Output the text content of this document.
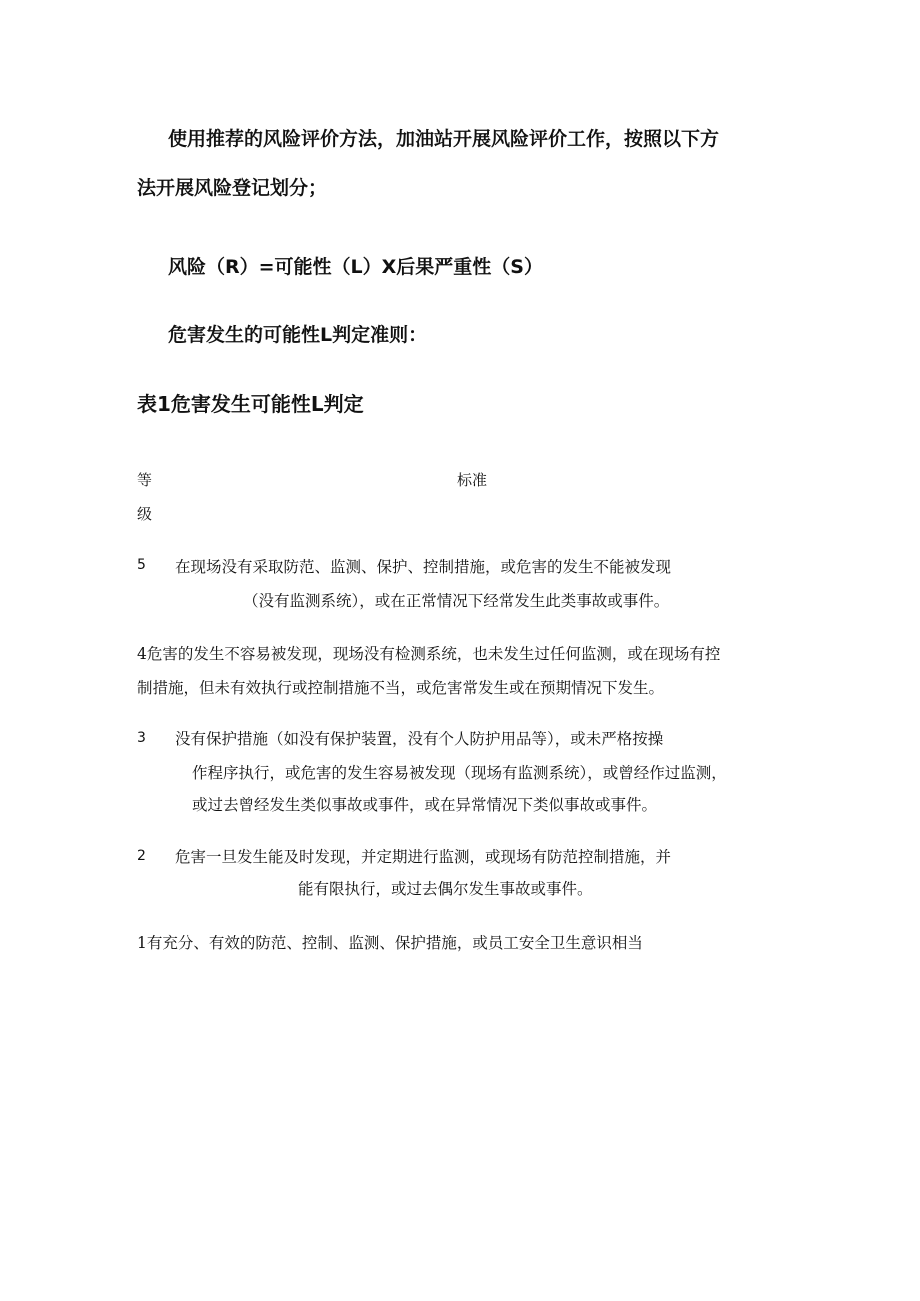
使用推荐的风险评价方法，加油站开展风险评价工作，按照以下方
法开展风险登记划分；
风险（R）=可能性（L）X后果严重性（S）
危害发生的可能性L判定准则：
表1危害发生可能性L判定
等
级
标准
5 在现场没有采取防范、监测、保护、控制措施，或危害的发生不能被发现
（没有监测系统），或在正常情况下经常发生此类事故或事件。
4危害的发生不容易被发现，现场没有检测系统，也未发生过任何监测，或在现场有控
制措施，但未有效执行或控制措施不当，或危害常发生或在预期情况下发生。
3 没有保护措施（如没有保护装置，没有个人防护用品等），或未严格按操
作程序执行，或危害的发生容易被发现（现场有监测系统），或曾经作过监测，
或过去曾经发生类似事故或事件，或在异常情况下类似事故或事件。
2 危害一旦发生能及时发现，并定期进行监测，或现场有防范控制措施，并
能有限执行，或过去偶尔发生事故或事件。
1有充分、有效的防范、控制、监测、保护措施，或员工安全卫生意识相当
